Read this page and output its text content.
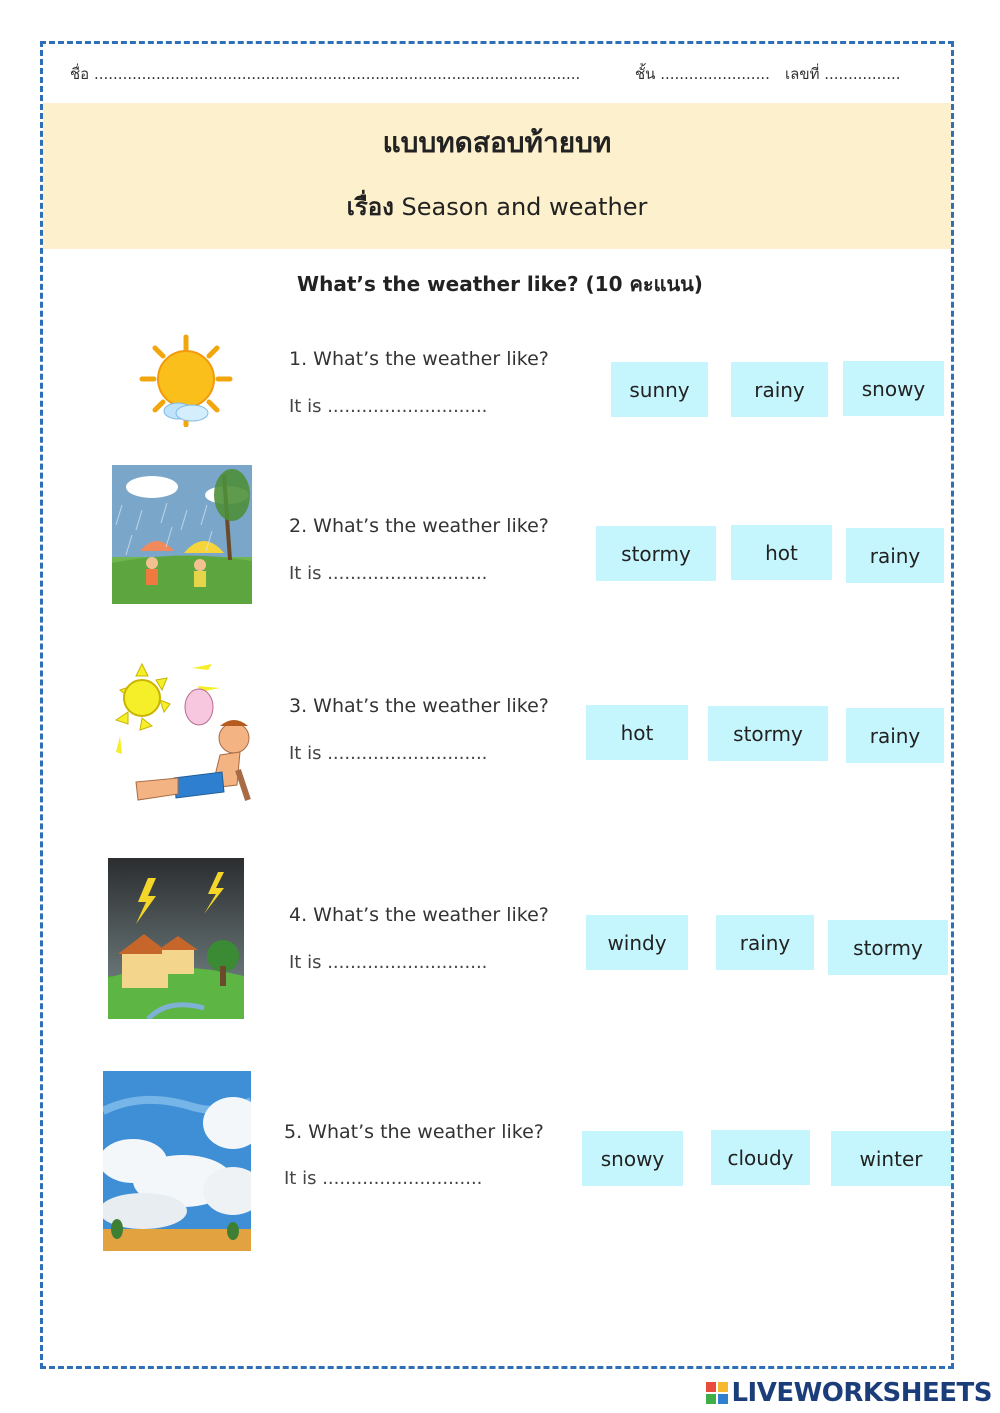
ชื่อ ......................................................................................................	ชั้น ....................... เลขที่ ................
แบบทดสอบท้ายบท
เรื่อง Season and weather
What’s the weather like? (10 คะแนน)
1. What’s the weather like?
It is ............................
2. What’s the weather like?
It is ............................
3. What’s the weather like?
It is ............................
4. What’s the weather like?
It is ............................
5. What’s the weather like?
It is ............................
sunny	rainy	snowy
stormy	hot	rainy
hot	stormy	rainy
windy	rainy	stormy
snowy	cloudy	winter
LIVEWORKSHEETS
